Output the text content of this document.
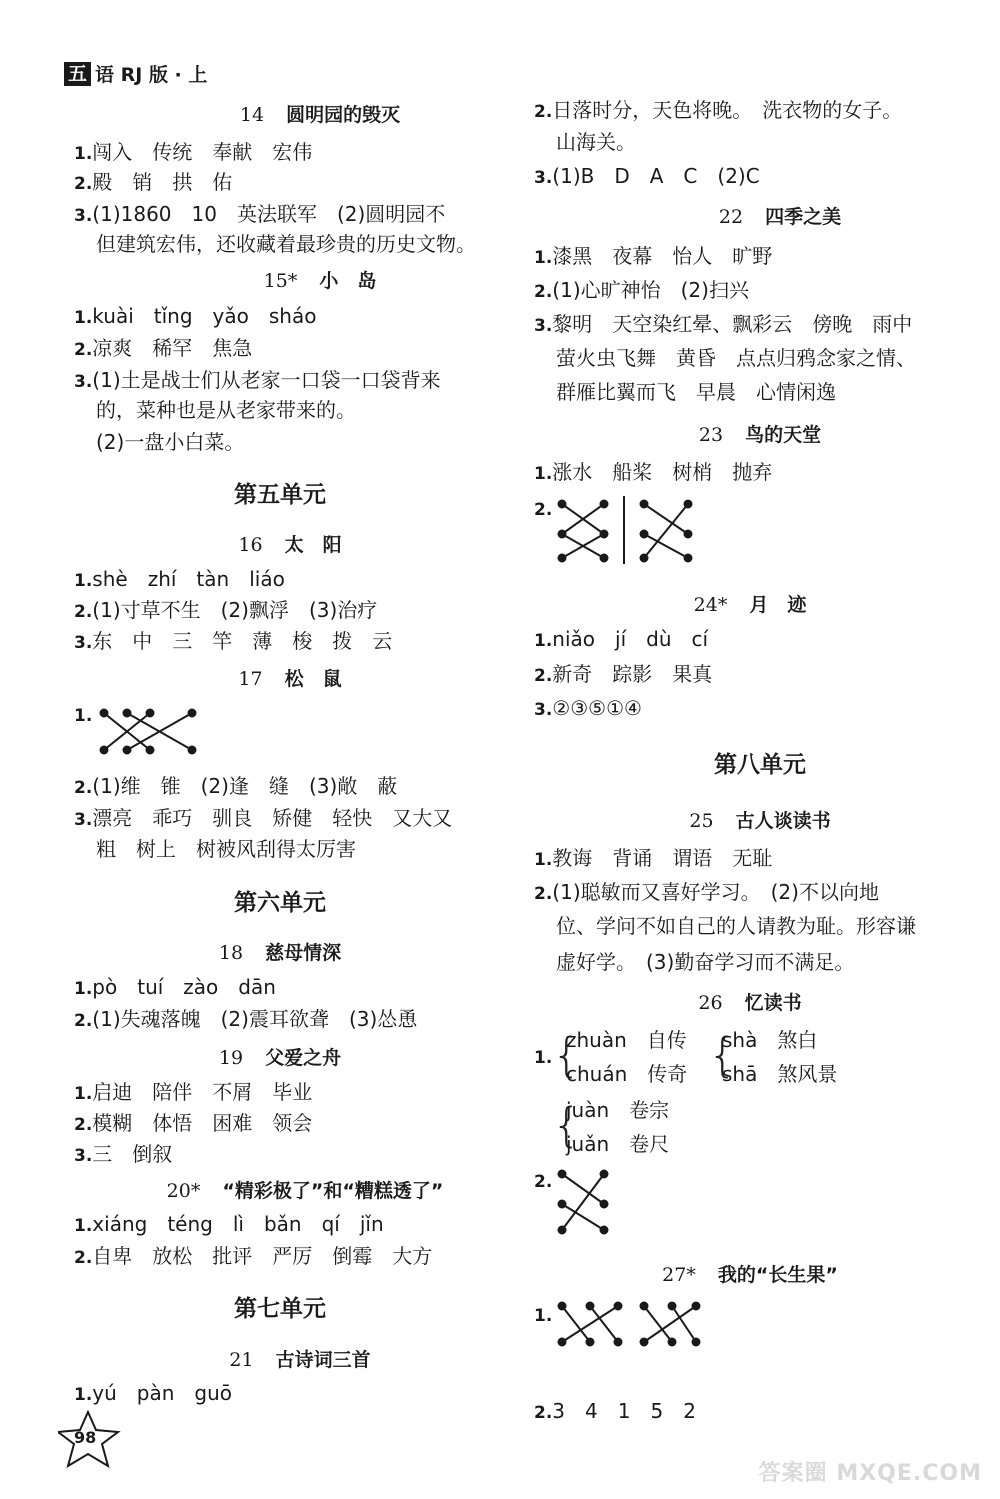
五 语 RJ 版 · 上
14 圆明园的毁灭
1.闯入　传统　奉献　宏伟
2.殿　销　拱　佑
3.(1)1860　10　英法联军　(2)圆明园不
但建筑宏伟，还收藏着最珍贵的历史文物。
15* 小　岛
1.kuài　tǐng　yǎo　sháo
2.凉爽　稀罕　焦急
3.(1)土是战士们从老家一口袋一口袋背来
的，菜种也是从老家带来的。
(2)一盘小白菜。
第五单元
16 太　阳
1.shè　zhí　tàn　liáo
2.(1)寸草不生　(2)飘浮　(3)治疗
3.东　中　三　竿　薄　梭　拨　云
17 松　鼠
1.
2.(1)维　锥　(2)逢　缝　(3)敞　蔽
3.漂亮　乖巧　驯良　矫健　轻快　又大又
粗　树上　树被风刮得太厉害
第六单元
18 慈母情深
1.pò　tuí　zào　dān
2.(1)失魂落魄　(2)震耳欲聋　(3)怂恿
19 父爱之舟
1.启迪　陪伴　不屑　毕业
2.模糊　体悟　困难　领会
3.三　倒叙
20* “精彩极了”和“糟糕透了”
1.xiáng　téng　lì　bǎn　qí　jǐn
2.自卑　放松　批评　严厉　倒霉　大方
第七单元
21 古诗词三首
1.yú　pàn　guō
2.日落时分，天色将晚。　洗衣物的女子。
山海关。
3.(1)B　D　A　C　(2)C
22 四季之美
1.漆黑　夜幕　怡人　旷野
2.(1)心旷神怡　(2)扫兴
3.黎明　天空染红晕、飘彩云　傍晚　雨中
萤火虫飞舞　黄昏　点点归鸦念家之情、
群雁比翼而飞　早晨　心情闲逸
23 鸟的天堂
1.涨水　船桨　树梢　抛弃
2.
24* 月　迹
1.niǎo　jí　dù　cí
2.新奇　踪影　果真
3.②③⑤①④
第八单元
25 古人谈读书
1.教诲　背诵　谓语　无耻
2.(1)聪敏而又喜好学习。　(2)不以向地
位、学问不如自己的人请教为耻。形容谦
虚好学。　(3)勤奋学习而不满足。
26 忆读书
1. {
zhuàn　自传
chuán　传奇 {
shà　煞白
shā　煞风景
{
juàn　卷宗
juǎn　卷尺
2.
27* 我的“长生果”
1.
2.3　4　1　5　2
98
答案圈 MXQE.COM
